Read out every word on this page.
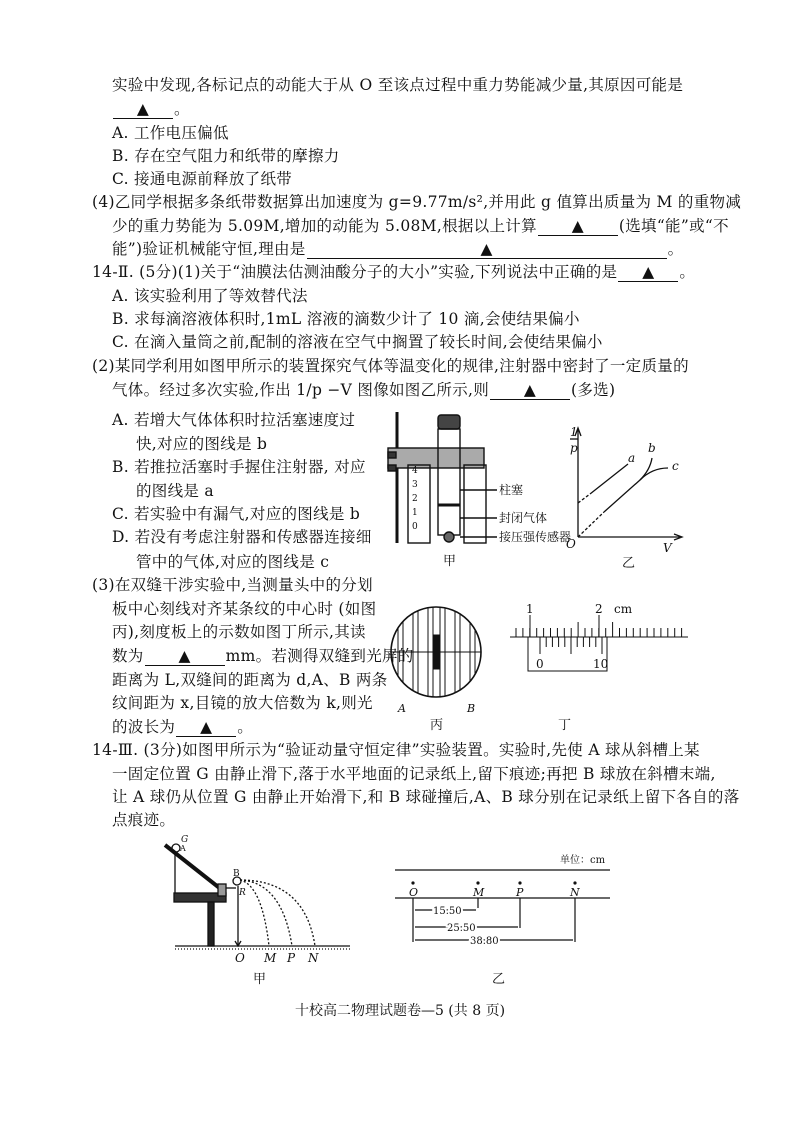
实验中发现,各标记点的动能大于从 O 至该点过程中重力势能减少量,其原因可能是
▲ 。
A. 工作电压偏低
B. 存在空气阻力和纸带的摩擦力
C. 接通电源前释放了纸带
(4)乙同学根据多条纸带数据算出加速度为 g=9.77m/s²,并用此 g 值算出质量为 M 的重物减
少的重力势能为 5.09M,增加的动能为 5.08M,根据以上计算 ▲ (选填“能”或“不
能”)验证机械能守恒,理由是	▲	。
14-Ⅱ. (5分)(1)关于“油膜法估测油酸分子的大小”实验,下列说法中正确的是 ▲ 。
A. 该实验利用了等效替代法
B. 求每滴溶液体积时,1mL 溶液的滴数少计了 10 滴,会使结果偏小
C. 在滴入量筒之前,配制的溶液在空气中搁置了较长时间,会使结果偏小
(2)某同学利用如图甲所示的装置探究气体等温变化的规律,注射器中密封了一定质量的
气体。经过多次实验,作出 1/p −V 图像如图乙所示,则 ▲ (多选)
A. 若增大气体体积时拉活塞速度过
快,对应的图线是 b
B. 若推拉活塞时手握住注射器, 对应
的图线是 a
C. 若实验中有漏气,对应的图线是 b
D. 若没有考虑注射器和传感器连接细
管中的气体,对应的图线是 c
(3)在双缝干涉实验中,当测量头中的分划
板中心刻线对齐某条纹的中心时 (如图
丙),刻度板上的示数如图丁所示,其读
数为 ▲ mm。若测得双缝到光屏的
距离为 L,双缝间的距离为 d,A、B 两条
纹间距为 x,目镜的放大倍数为 k,则光
的波长为 ▲ 。
14-Ⅲ. (3分)如图甲所示为“验证动量守恒定律”实验装置。实验时,先使 A 球从斜槽上某
一固定位置 G 由静止滑下,落于水平地面的记录纸上,留下痕迹;再把 B 球放在斜槽末端,
让 A 球仍从位置 G 由静止开始滑下,和 B 球碰撞后,A、B 球分别在记录纸上留下各自的落
点痕迹。
4
3
2
1
0
柱塞
封闭气体
接压强传感器
甲
1
p
V
O
a
b
c
乙
A	B
丙
1	2 cm
0	10
丁
G
A
B
R
O M P N
甲
单位：cm
O	M	P	N
15.50
25.50
38.80
乙
十校高二物理试题卷—5 (共 8 页)
